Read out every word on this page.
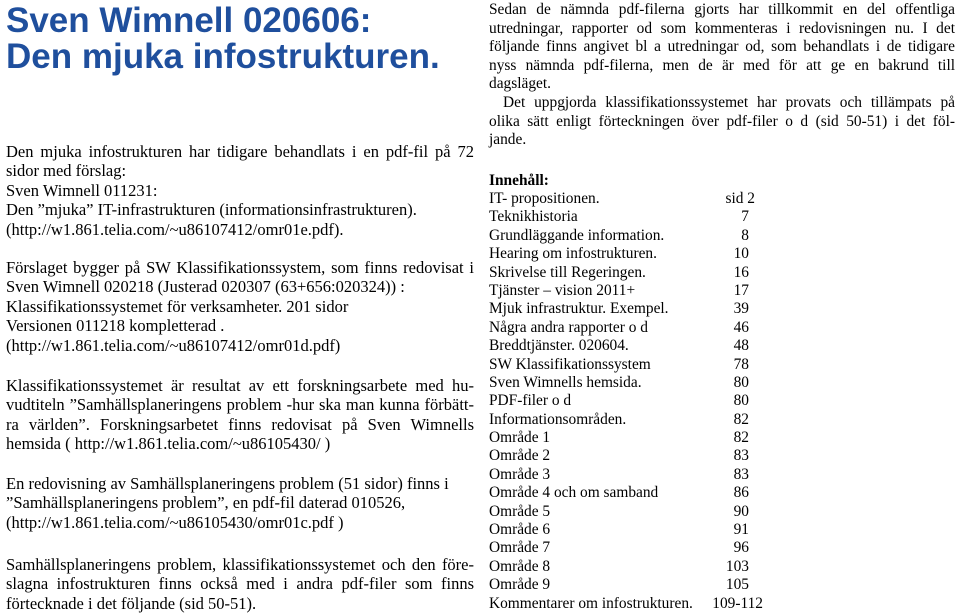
Sven Wimnell 020606:
Den mjuka infostrukturen.
Den mjuka infostrukturen har tidigare behandlats i en pdf-fil på 72
sidor med förslag:
Sven Wimnell 011231:
Den ”mjuka” IT-infrastrukturen (informationsinfrastrukturen).
(http://w1.861.telia.com/~u86107412/omr01e.pdf).
Förslaget bygger på SW Klassifikationssystem, som finns redovisat i
Sven Wimnell 020218 (Justerad 020307 (63+656:020324)) :
Klassifikationssystemet för verksamheter. 201 sidor
Versionen 011218 kompletterad .
(http://w1.861.telia.com/~u86107412/omr01d.pdf)
Klassifikationssystemet är resultat av ett forskningsarbete med hu-
vudtiteln ”Samhällsplaneringens problem -hur ska man kunna förbätt-
ra världen”. Forskningsarbetet finns redovisat på Sven Wimnells
hemsida ( http://w1.861.telia.com/~u86105430/ )
En redovisning av Samhällsplaneringens problem (51 sidor) finns i
”Samhällsplaneringens problem”, en pdf-fil daterad 010526,
(http://w1.861.telia.com/~u86105430/omr01c.pdf )
Samhällsplaneringens problem, klassifikationssystemet och den före-
slagna infostrukturen finns också med i andra pdf-filer som finns
förtecknade i det följande (sid 50-51).
Sedan de nämnda pdf-filerna gjorts har tillkommit en del offentliga
utredningar, rapporter od som kommenteras i redovisningen nu. I det
följande finns angivet bl a utredningar od, som behandlats i de tidigare
nyss nämnda pdf-filerna, men de är med för att ge en bakrund till
dagsläget.
Det uppgjorda klassifikationssystemet har provats och tillämpats på
olika sätt enligt förteckningen över pdf-filer o d (sid 50-51) i det föl-
jande.
Innehåll:
IT- propositionen.	sid 2
Teknikhistoria	7
Grundläggande information.	8
Hearing om infostrukturen.	10
Skrivelse till Regeringen.	16
Tjänster – vision 2011+	17
Mjuk infrastruktur. Exempel.	39
Några andra rapporter o d	46
Breddtjänster. 020604.	48
SW Klassifikationssystem	78
Sven Wimnells hemsida.	80
PDF-filer o d	80
Informationsområden.	82
Område 1	82
Område 2	83
Område 3	83
Område 4 och om samband	86
Område 5	90
Område 6	91
Område 7	96
Område 8	103
Område 9	105
Kommentarer om infostrukturen. 109-112
